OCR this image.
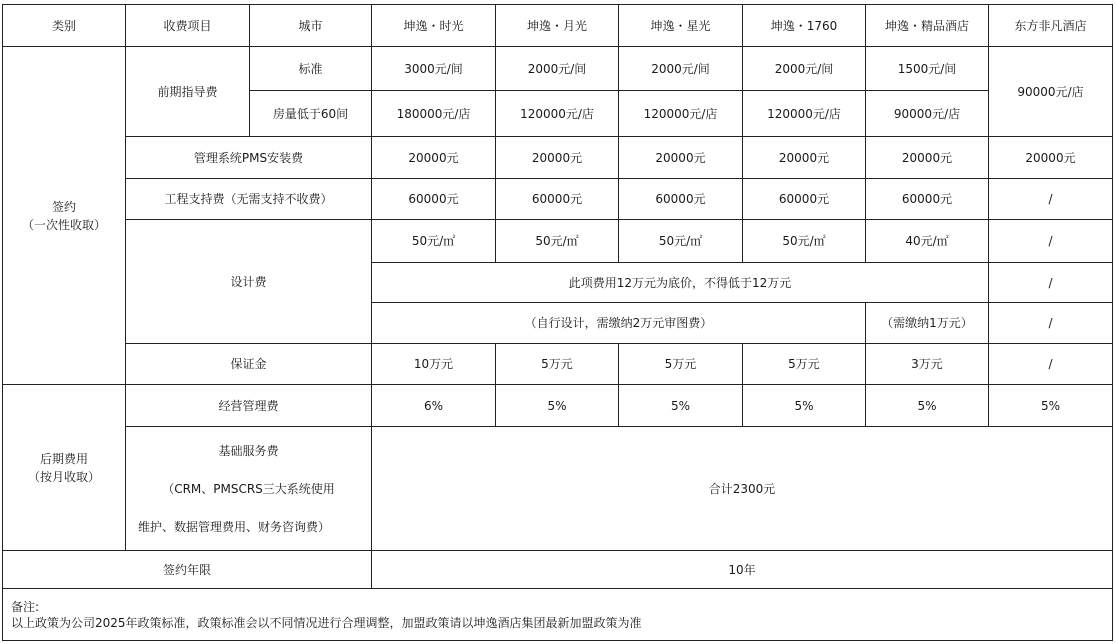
类别	收费项目	城市	坤逸・时光	坤逸・月光	坤逸・星光	坤逸・1760	坤逸・精品酒店	东方非凡酒店

签约
（一次性收取）	前期指导费	标准	3000元/间	2000元/间	2000元/间	2000元/间	1500元/间	90000元/店
		房量低于60间	180000元/店	120000元/店	120000元/店	120000元/店	90000元/店	
	管理系统PMS安装费		20000元	20000元	20000元	20000元	20000元	20000元
	工程支持费（无需支持不收费）		60000元	60000元	60000元	60000元	60000元	/
	设计费		50元/㎡	50元/㎡	50元/㎡	50元/㎡	40元/㎡	/
			此项费用12万元为底价，不得低于12万元					/
			（自行设计，需缴纳2万元审图费）				（需缴纳1万元）	/
	保证金		10万元	5万元	5万元	5万元	3万元	/

后期费用
（按月收取）	经营管理费		6%	5%	5%	5%	5%	5%

	基础服务费
（CRM、PMSCRS三大系统使用
维护、数据管理费用、财务咨询费）		合计2300元					
签约年限			10年					

备注:
以上政策为公司2025年政策标准，政策标准会以不同情况进行合理调整，加盟政策请以坤逸酒店集团最新加盟政策为准								
